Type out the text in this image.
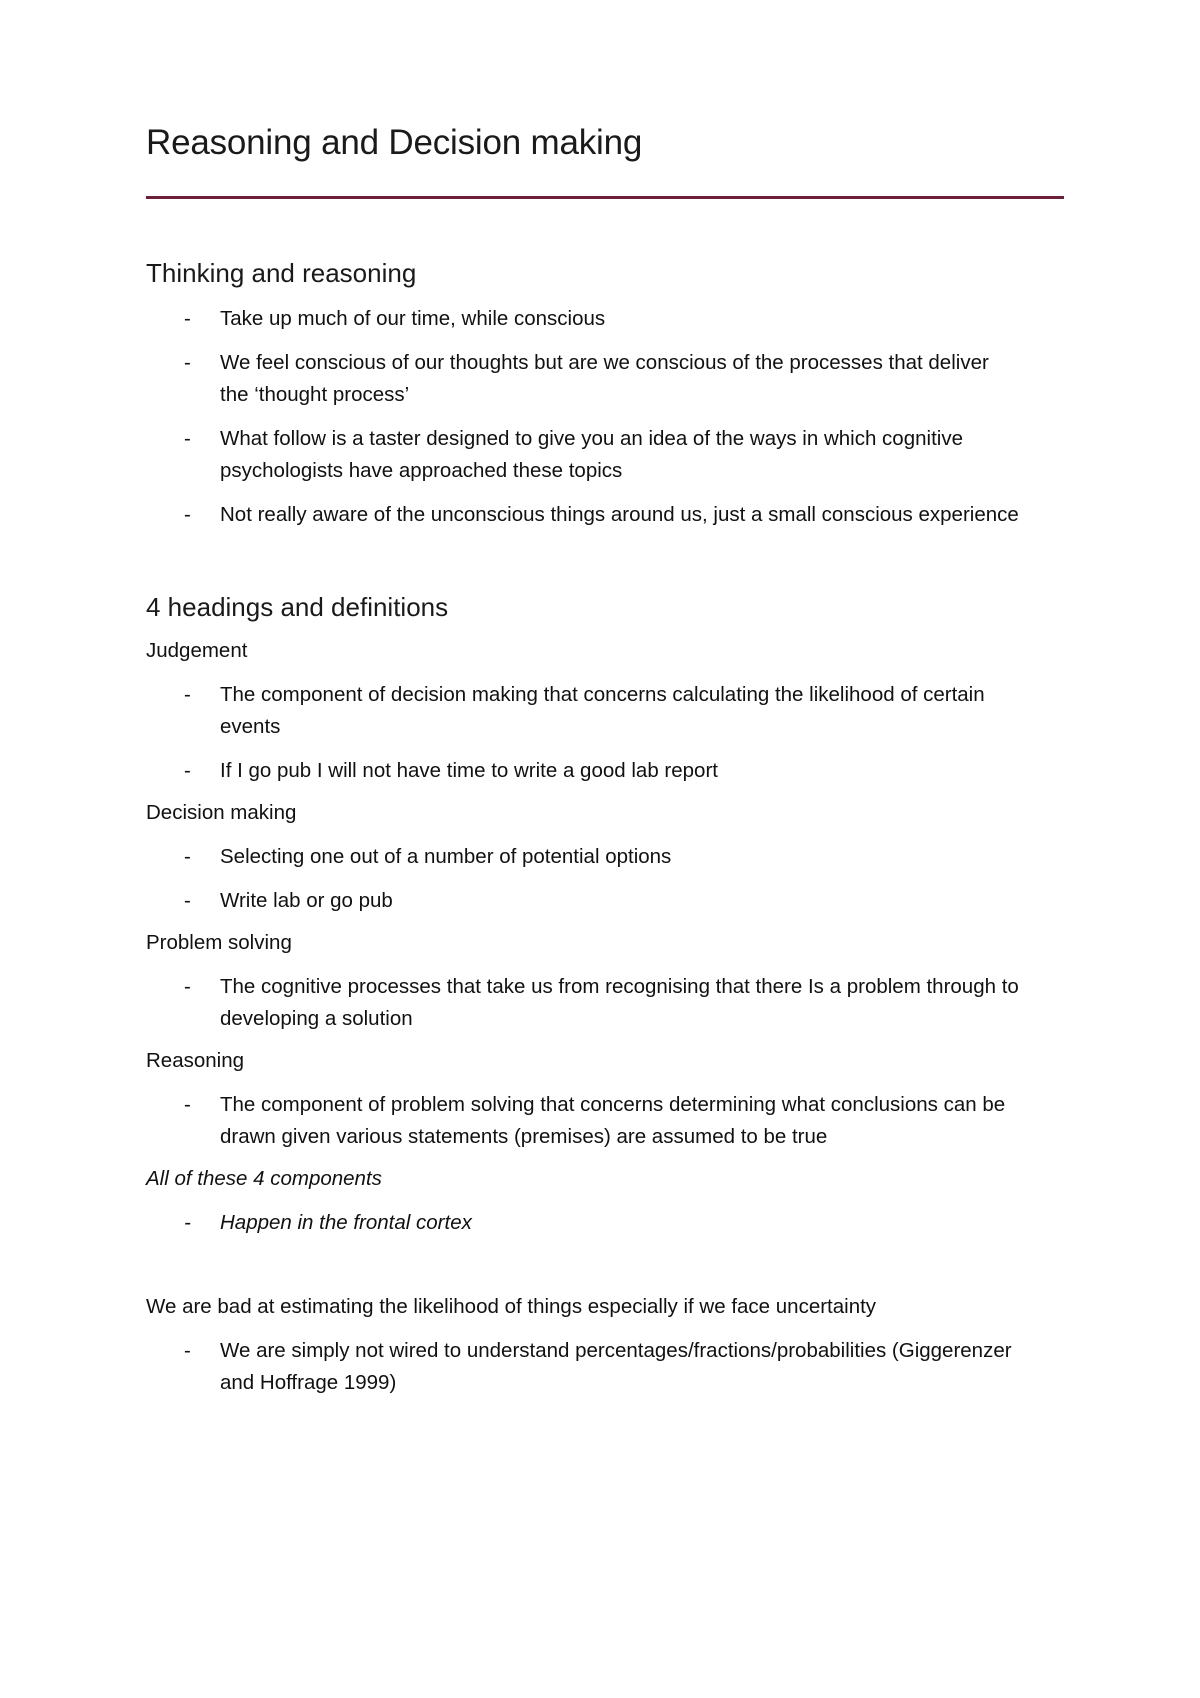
Reasoning and Decision making
Thinking and reasoning
- Take up much of our time, while conscious
- We feel conscious of our thoughts but are we conscious of the processes that deliver the ‘thought process’
- What follow is a taster designed to give you an idea of the ways in which cognitive psychologists have approached these topics
- Not really aware of the unconscious things around us, just a small conscious experience
4 headings and definitions
Judgement
- The component of decision making that concerns calculating the likelihood of certain events
- If I go pub I will not have time to write a good lab report
Decision making
- Selecting one out of a number of potential options
- Write lab or go pub
Problem solving
- The cognitive processes that take us from recognising that there Is a problem through to developing a solution
Reasoning
- The component of problem solving that concerns determining what conclusions can be drawn given various statements (premises) are assumed to be true
All of these 4 components
- Happen in the frontal cortex
We are bad at estimating the likelihood of things especially if we face uncertainty
- We are simply not wired to understand percentages/fractions/probabilities (Giggerenzer and Hoffrage 1999)
